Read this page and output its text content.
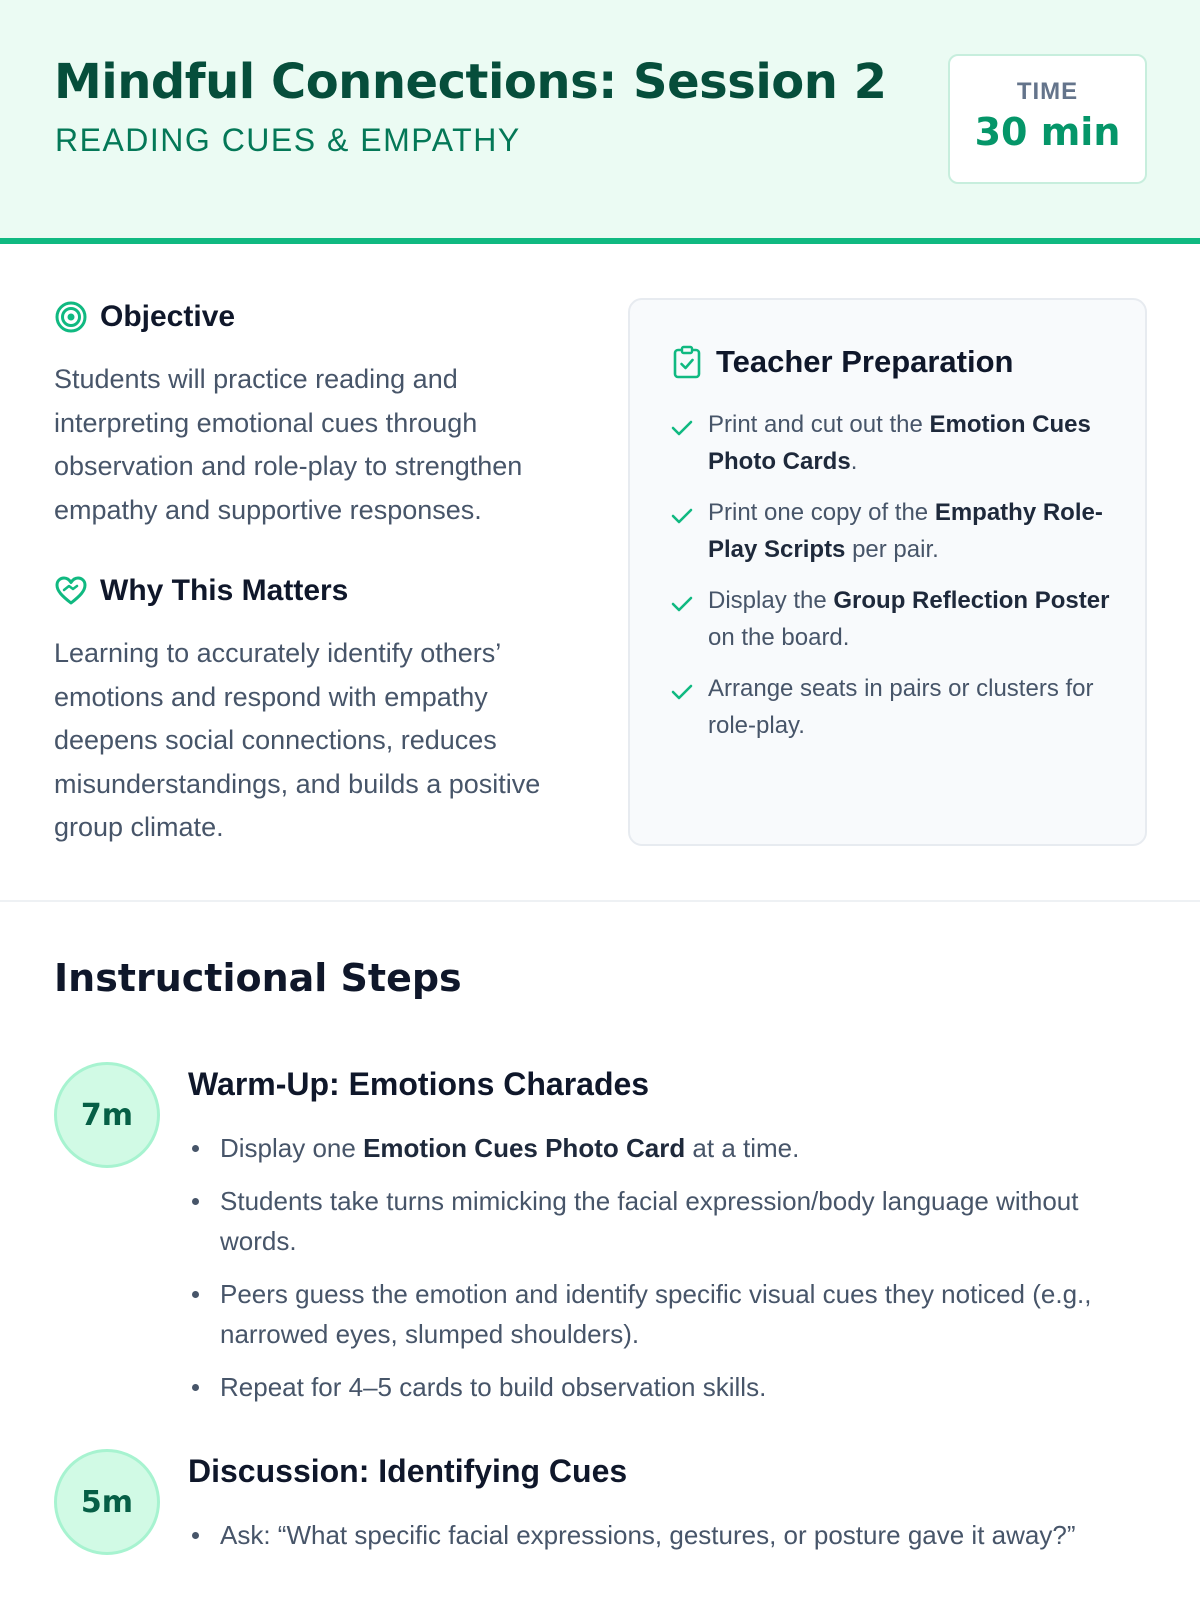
Mindful Connections: Session 2
READING CUES & EMPATHY
TIME
30 min
Objective

Students will practice reading and interpreting emotional cues through observation and role-play to strengthen empathy and supportive responses.

Why This Matters

Learning to accurately identify others’ emotions and respond with empathy deepens social connections, reduces misunderstandings, and builds a positive group climate.

Teacher Preparation
Print and cut out the Emotion Cues Photo Cards.
Print one copy of the Empathy Role-Play Scripts per pair.
Display the Group Reflection Poster on the board.
Arrange seats in pairs or clusters for role-play.
Instructional Steps
7m
Warm-Up: Emotions Charades
Display one Emotion Cues Photo Card at a time.
Students take turns mimicking the facial expression/body language without words.
Peers guess the emotion and identify specific visual cues they noticed (e.g., narrowed eyes, slumped shoulders).
Repeat for 4–5 cards to build observation skills.
5m
Discussion: Identifying Cues
Ask: “What specific facial expressions, gestures, or posture gave it away?”
